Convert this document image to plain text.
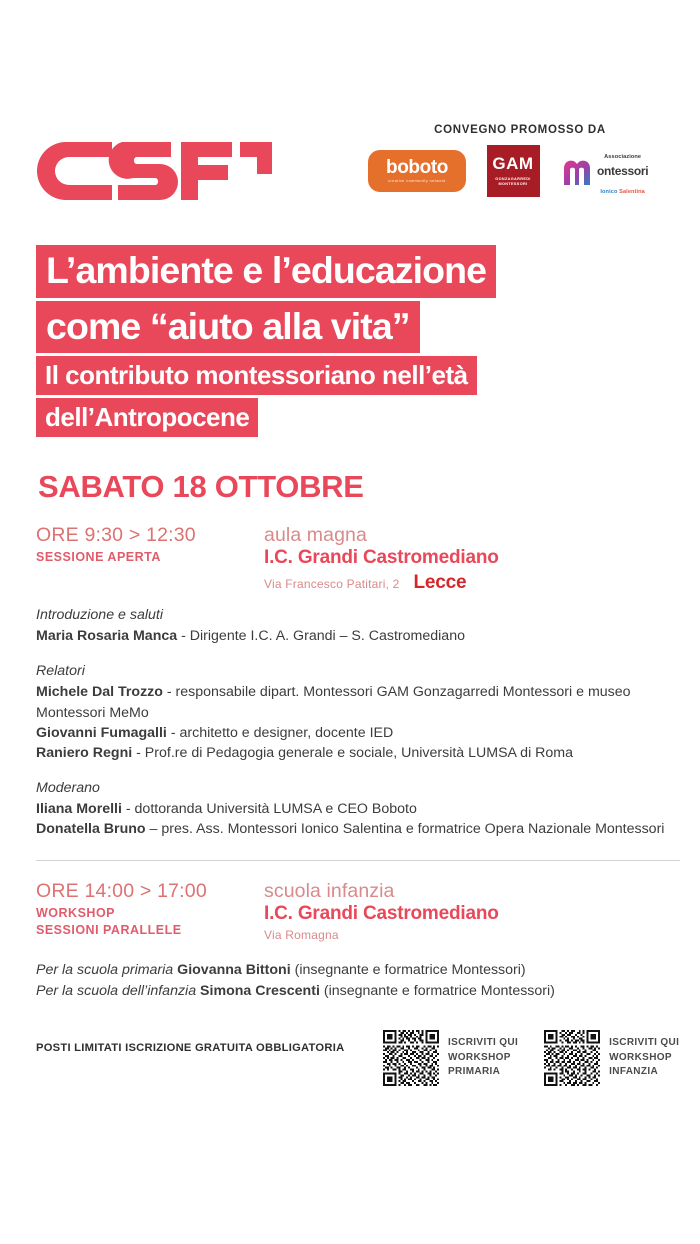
CONVEGNO PROMOSSO DA
boboto
creative community network
GAM
GONZAGARREDI
MONTESSORI
Associazione
ontessori
Ionico Salentina
L’ambiente e l’educazione
come “aiuto alla vita”
Il contributo montessoriano nell’età
dell’Antropocene
SABATO 18 OTTOBRE
ORE 9:30 > 12:30
SESSIONE APERTA
aula magna
I.C. Grandi Castromediano
Via Francesco Patitari, 2 Lecce
Introduzione e saluti
Maria Rosaria Manca - Dirigente I.C. A. Grandi – S. Castromediano
Relatori
Michele Dal Trozzo - responsabile dipart. Montessori GAM Gonzagarredi Montessori e museo Montessori MeMo
Giovanni Fumagalli - architetto e designer, docente IED
Raniero Regni - Prof.re di Pedagogia generale e sociale, Università LUMSA di Roma
Moderano
Iliana Morelli - dottoranda Università LUMSA e CEO Boboto
Donatella Bruno – pres. Ass. Montessori Ionico Salentina e formatrice Opera Nazionale Montessori
ORE 14:00 > 17:00
WORKSHOP
SESSIONI PARALLELE
scuola infanzia
I.C. Grandi Castromediano
Via Romagna
Per la scuola primaria Giovanna Bittoni (insegnante e formatrice Montessori)
Per la scuola dell’infanzia Simona Crescenti (insegnante e formatrice Montessori)
POSTI LIMITATI ISCRIZIONE GRATUITA OBBLIGATORIA	ISCRIVITI QUI
WORKSHOP
PRIMARIA
ISCRIVITI QUI
WORKSHOP
INFANZIA
